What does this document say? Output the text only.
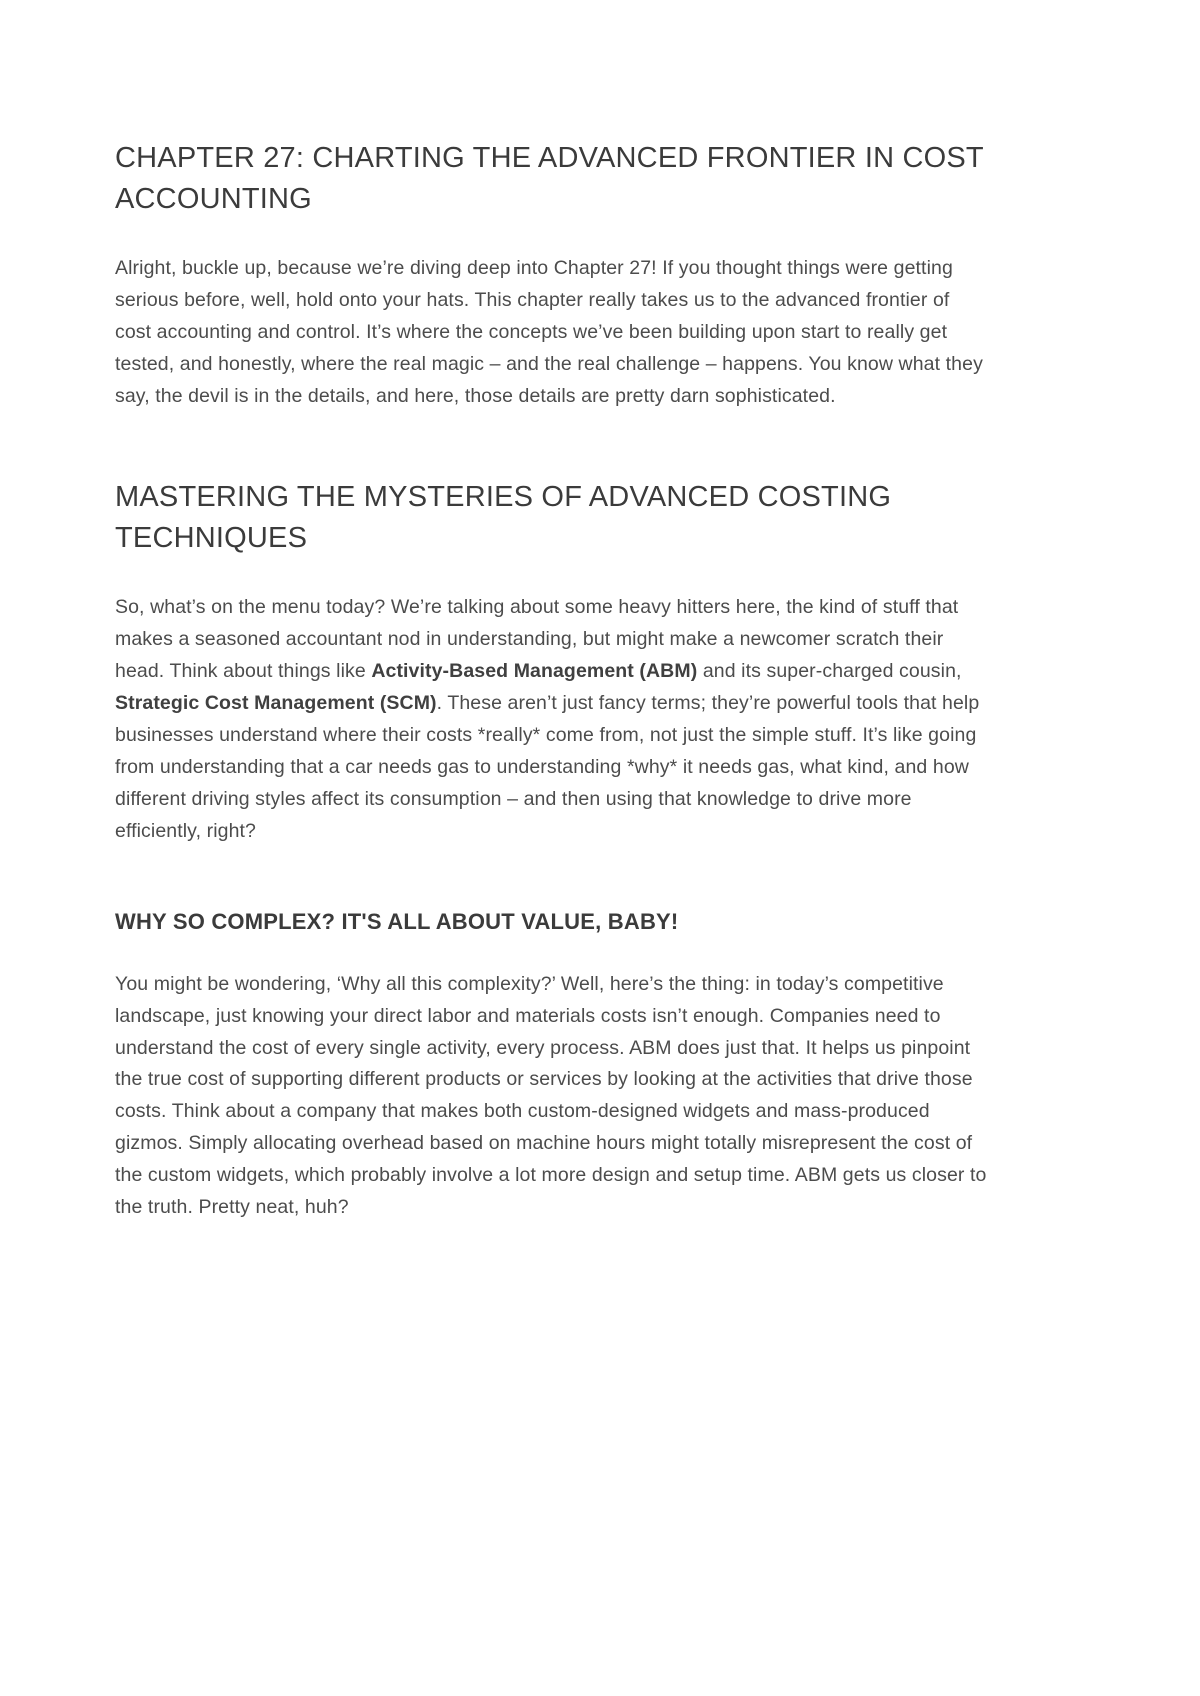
CHAPTER 27: CHARTING THE ADVANCED FRONTIER IN COST ACCOUNTING

Alright, buckle up, because we’re diving deep into Chapter 27! If you thought things were getting serious before, well, hold onto your hats. This chapter really takes us to the advanced frontier of cost accounting and control. It’s where the concepts we’ve been building upon start to really get tested, and honestly, where the real magic – and the real challenge – happens. You know what they say, the devil is in the details, and here, those details are pretty darn sophisticated.

MASTERING THE MYSTERIES OF ADVANCED COSTING TECHNIQUES

So, what’s on the menu today? We’re talking about some heavy hitters here, the kind of stuff that makes a seasoned accountant nod in understanding, but might make a newcomer scratch their head. Think about things like Activity-Based Management (ABM) and its super-charged cousin, Strategic Cost Management (SCM). These aren’t just fancy terms; they’re powerful tools that help businesses understand where their costs *really* come from, not just the simple stuff. It’s like going from understanding that a car needs gas to understanding *why* it needs gas, what kind, and how different driving styles affect its consumption – and then using that knowledge to drive more efficiently, right?

WHY SO COMPLEX? IT'S ALL ABOUT VALUE, BABY!

You might be wondering, ‘Why all this complexity?’ Well, here’s the thing: in today’s competitive landscape, just knowing your direct labor and materials costs isn’t enough. Companies need to understand the cost of every single activity, every process. ABM does just that. It helps us pinpoint the true cost of supporting different products or services by looking at the activities that drive those costs. Think about a company that makes both custom-designed widgets and mass-produced gizmos. Simply allocating overhead based on machine hours might totally misrepresent the cost of the custom widgets, which probably involve a lot more design and setup time. ABM gets us closer to the truth. Pretty neat, huh?
